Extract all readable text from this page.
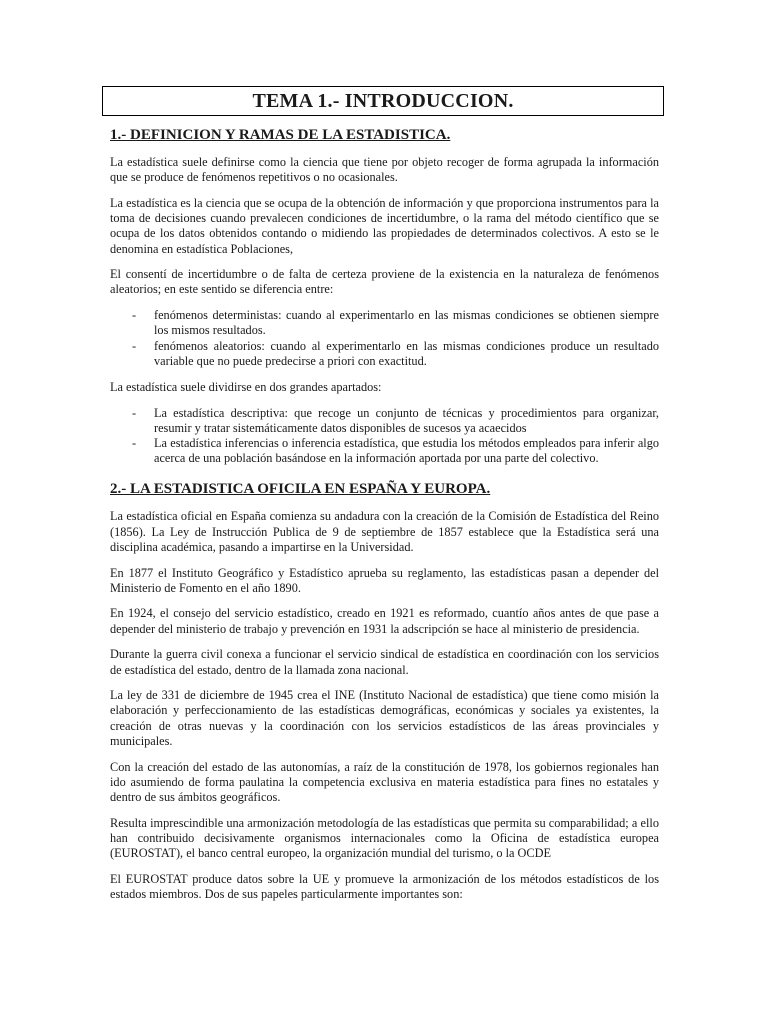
TEMA 1.- INTRODUCCION.
1.- DEFINICION Y RAMAS DE LA ESTADISTICA.

La estadística suele definirse como la ciencia que tiene por objeto recoger de forma agrupada la información que se produce de fenómenos repetitivos o no ocasionales.

La estadística es la ciencia que se ocupa de la obtención de información y que proporciona instrumentos para la toma de decisiones cuando prevalecen condiciones de incertidumbre, o la rama del método científico que se ocupa de los datos obtenidos contando o midiendo las propiedades de determinados colectivos. A esto se le denomina en estadística Poblaciones,

El consentí de incertidumbre o de falta de certeza proviene de la existencia en la naturaleza de fenómenos aleatorios; en este sentido se diferencia entre:

- fenómenos deterministas: cuando al experimentarlo en las mismas condiciones se obtienen siempre los mismos resultados.
- fenómenos aleatorios: cuando al experimentarlo en las mismas condiciones produce un resultado variable que no puede predecirse a priori con exactitud.

La estadística suele dividirse en dos grandes apartados:

- La estadística descriptiva: que recoge un conjunto de técnicas y procedimientos para organizar, resumir y tratar sistemáticamente datos disponibles de sucesos ya acaecidos
- La estadística inferencias o inferencia estadística, que estudia los métodos empleados para inferir algo acerca de una población basándose en la información aportada por una parte del colectivo.
2.- LA ESTADISTICA OFICILA EN ESPAÑA Y EUROPA.

La estadística oficial en España comienza su andadura con la creación de la Comisión de Estadística del Reino (1856). La Ley de Instrucción Publica de 9 de septiembre de 1857 establece que la Estadística será una disciplina académica, pasando a impartirse en la Universidad.

En 1877 el Instituto Geográfico y Estadístico aprueba su reglamento, las estadísticas pasan a depender del Ministerio de Fomento en el año 1890.

En 1924, el consejo del servicio estadístico, creado en 1921 es reformado, cuantío años antes de que pase a depender del ministerio de trabajo y prevención en 1931 la adscripción se hace al ministerio de presidencia.

Durante la guerra civil conexa a funcionar el servicio sindical de estadística en coordinación con los servicios de estadística del estado, dentro de la llamada zona nacional.

La ley de 331 de diciembre de 1945 crea el INE (Instituto Nacional de estadística) que tiene como misión la elaboración y perfeccionamiento de las estadísticas demográficas, económicas y sociales ya existentes, la creación de otras nuevas y la coordinación con los servicios estadísticos de las áreas provinciales y municipales.

Con la creación del estado de las autonomías, a raíz de la constitución de 1978, los gobiernos regionales han ido asumiendo de forma paulatina la competencia exclusiva en materia estadística para fines no estatales y dentro de sus ámbitos geográficos.

Resulta imprescindible una armonización metodología de las estadísticas que permita su comparabilidad; a ello han contribuido decisivamente organismos internacionales como la Oficina de estadística europea (EUROSTAT), el banco central europeo, la organización mundial del turismo, o la OCDE

El EUROSTAT produce datos sobre la UE y promueve la armonización de los métodos estadísticos de los estados miembros. Dos de sus papeles particularmente importantes son:
